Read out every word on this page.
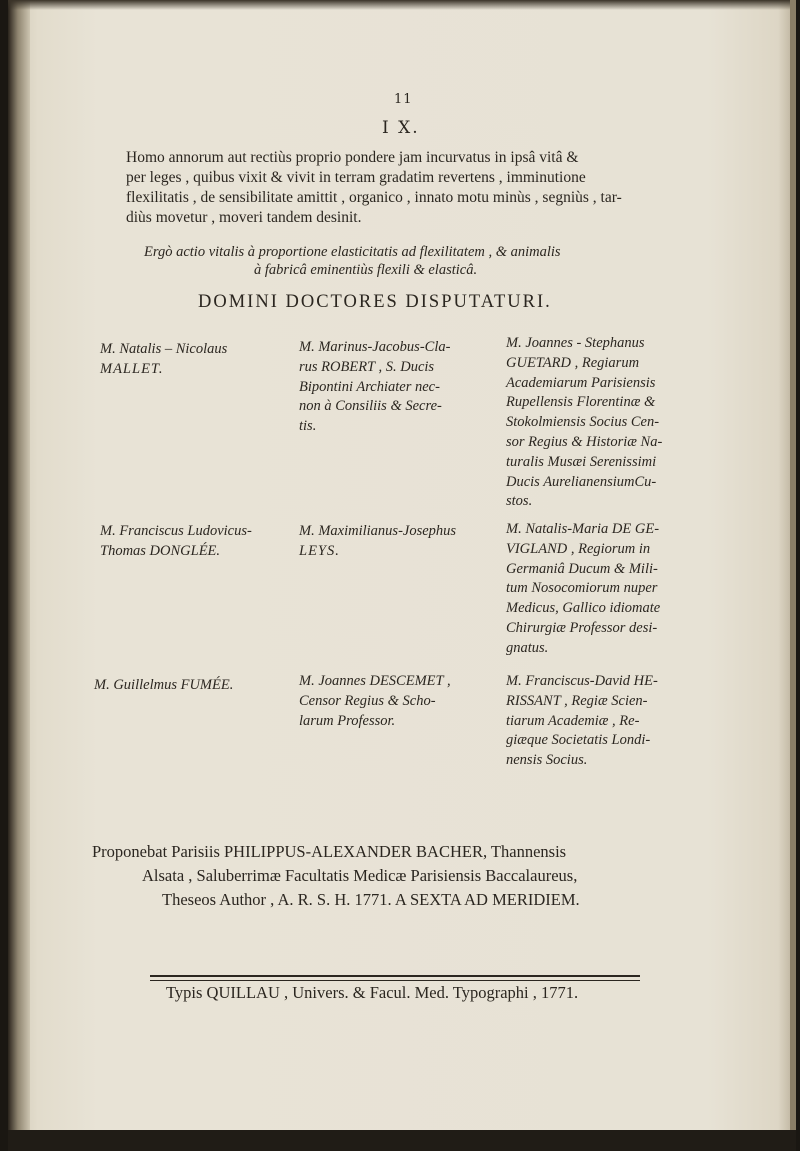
11
I X.
Homo annorum aut rectiùs proprio pondere jam incurvatus in ipsâ vitâ &
per leges , quibus vixit & vivit in terram gradatim revertens , imminutione
flexilitatis , de sensibilitate amittit , organico , innato motu minùs , segniùs , tar-
diùs movetur , moveri tandem desinit.
Ergò actio vitalis à proportione elasticitatis ad flexilitatem , & animalis
à fabricâ eminentiùs flexili & elasticâ.
DOMINI DOCTORES DISPUTATURI.
M. Natalis – Nicolaus
MALLET.
M. Marinus-Jacobus-Cla-
rus ROBERT , S. Ducis
Bipontini Archiater nec-
non à Consiliis & Secre-
tis.
M. Joannes - Stephanus
GUETARD , Regiarum
Academiarum Parisiensis
Rupellensis Florentinæ &
Stokolmiensis Socius Cen-
sor Regius & Historiæ Na-
turalis Musæi Serenissimi
Ducis AurelianensiumCu-
stos.
M. Franciscus Ludovicus-
Thomas DONGLÉE.
M. Maximilianus-Josephus
LEYS.
M. Natalis-Maria DE GE-
VIGLAND , Regiorum in
Germaniâ Ducum & Mili-
tum Nosocomiorum nuper
Medicus, Gallico idiomate
Chirurgiæ Professor desi-
gnatus.
M. Guillelmus FUMÉE.	M. Joannes DESCEMET ,
Censor Regius & Scho-
larum Professor.
M. Franciscus-David HE-
RISSANT , Regiæ Scien-
tiarum Academiæ , Re-
giæque Societatis Londi-
nensis Socius.
Proponebat Parisiis PHILIPPUS-ALEXANDER BACHER, Thannensis
Alsata , Saluberrimæ Facultatis Medicæ Parisiensis Baccalaureus,
Theseos Author , A. R. S. H. 1771. A SEXTA AD MERIDIEM.
Typis QUILLAU , Univers. & Facul. Med. Typographi , 1771.
